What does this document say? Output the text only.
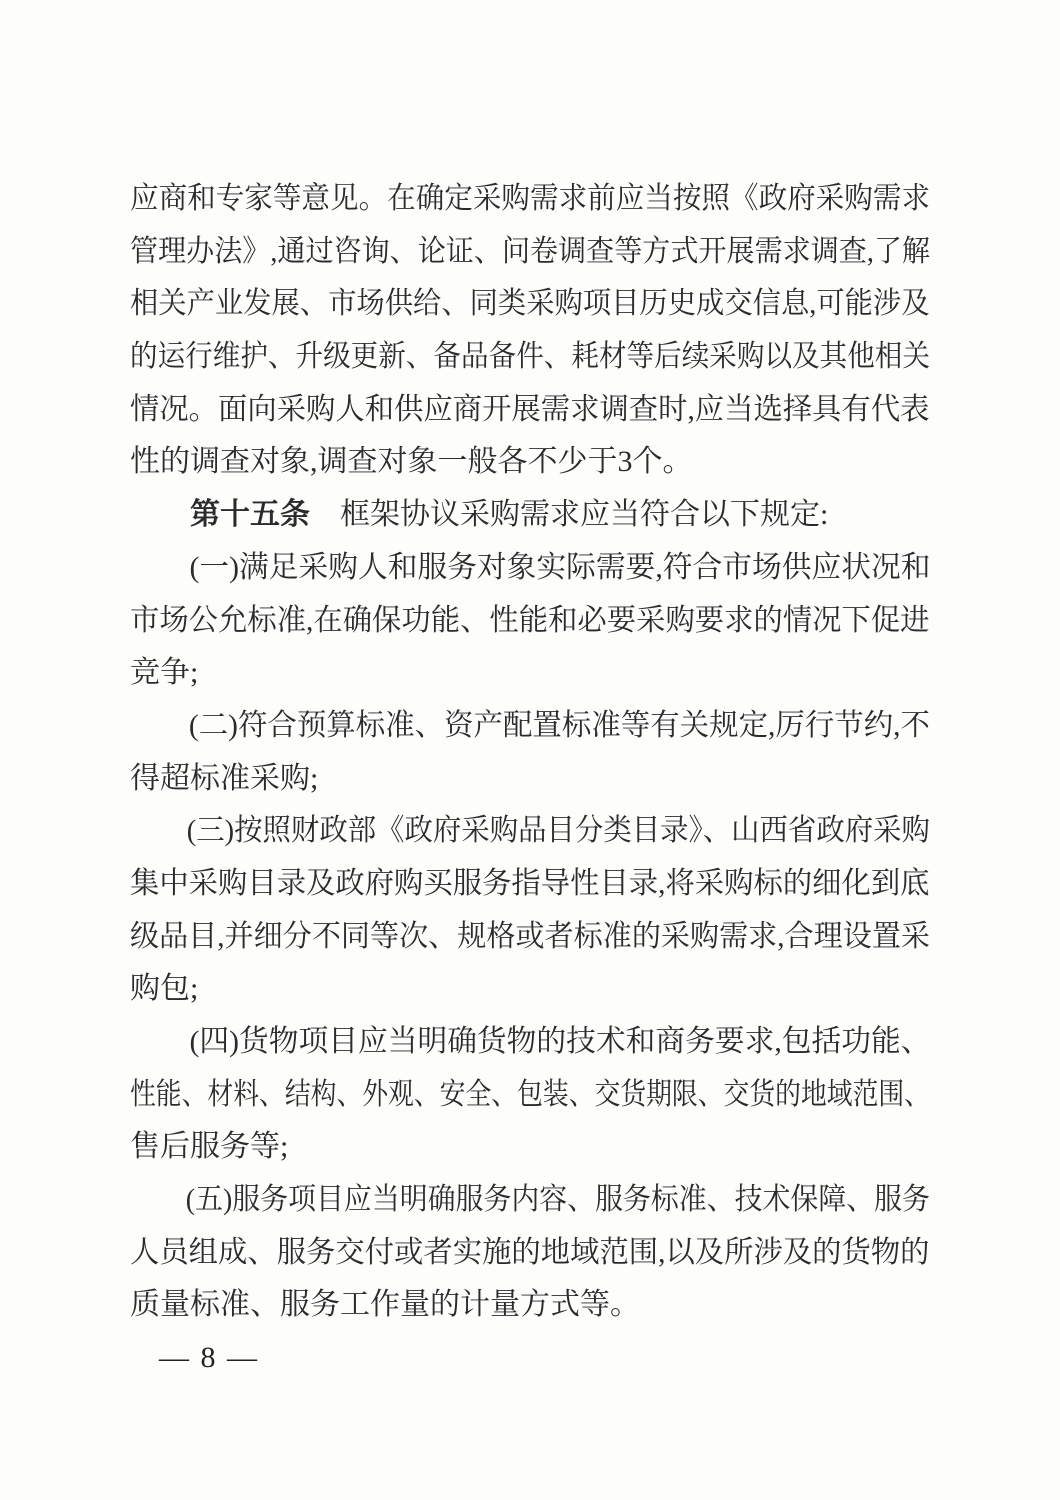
应商和专家等意见。在确定采购需求前应当按照《政府采购需求
管理办法》,通过咨询、论证、问卷调查等方式开展需求调查,了解
相关产业发展、市场供给、同类采购项目历史成交信息,可能涉及
的运行维护、升级更新、备品备件、耗材等后续采购以及其他相关
情况。面向采购人和供应商开展需求调查时,应当选择具有代表
性的调查对象,调查对象一般各不少于3个。
　　第十五条　框架协议采购需求应当符合以下规定:
　　(一)满足采购人和服务对象实际需要,符合市场供应状况和
市场公允标准,在确保功能、性能和必要采购要求的情况下促进
竞争;
　　(二)符合预算标准、资产配置标准等有关规定,厉行节约,不
得超标准采购;
　　(三)按照财政部《政府采购品目分类目录》、山西省政府采购
集中采购目录及政府购买服务指导性目录,将采购标的细化到底
级品目,并细分不同等次、规格或者标准的采购需求,合理设置采
购包;
　　(四)货物项目应当明确货物的技术和商务要求,包括功能、
性能、材料、结构、外观、安全、包装、交货期限、交货的地域范围、
售后服务等;
　　(五)服务项目应当明确服务内容、服务标准、技术保障、服务
人员组成、服务交付或者实施的地域范围,以及所涉及的货物的
质量标准、服务工作量的计量方式等。
— 8 —
